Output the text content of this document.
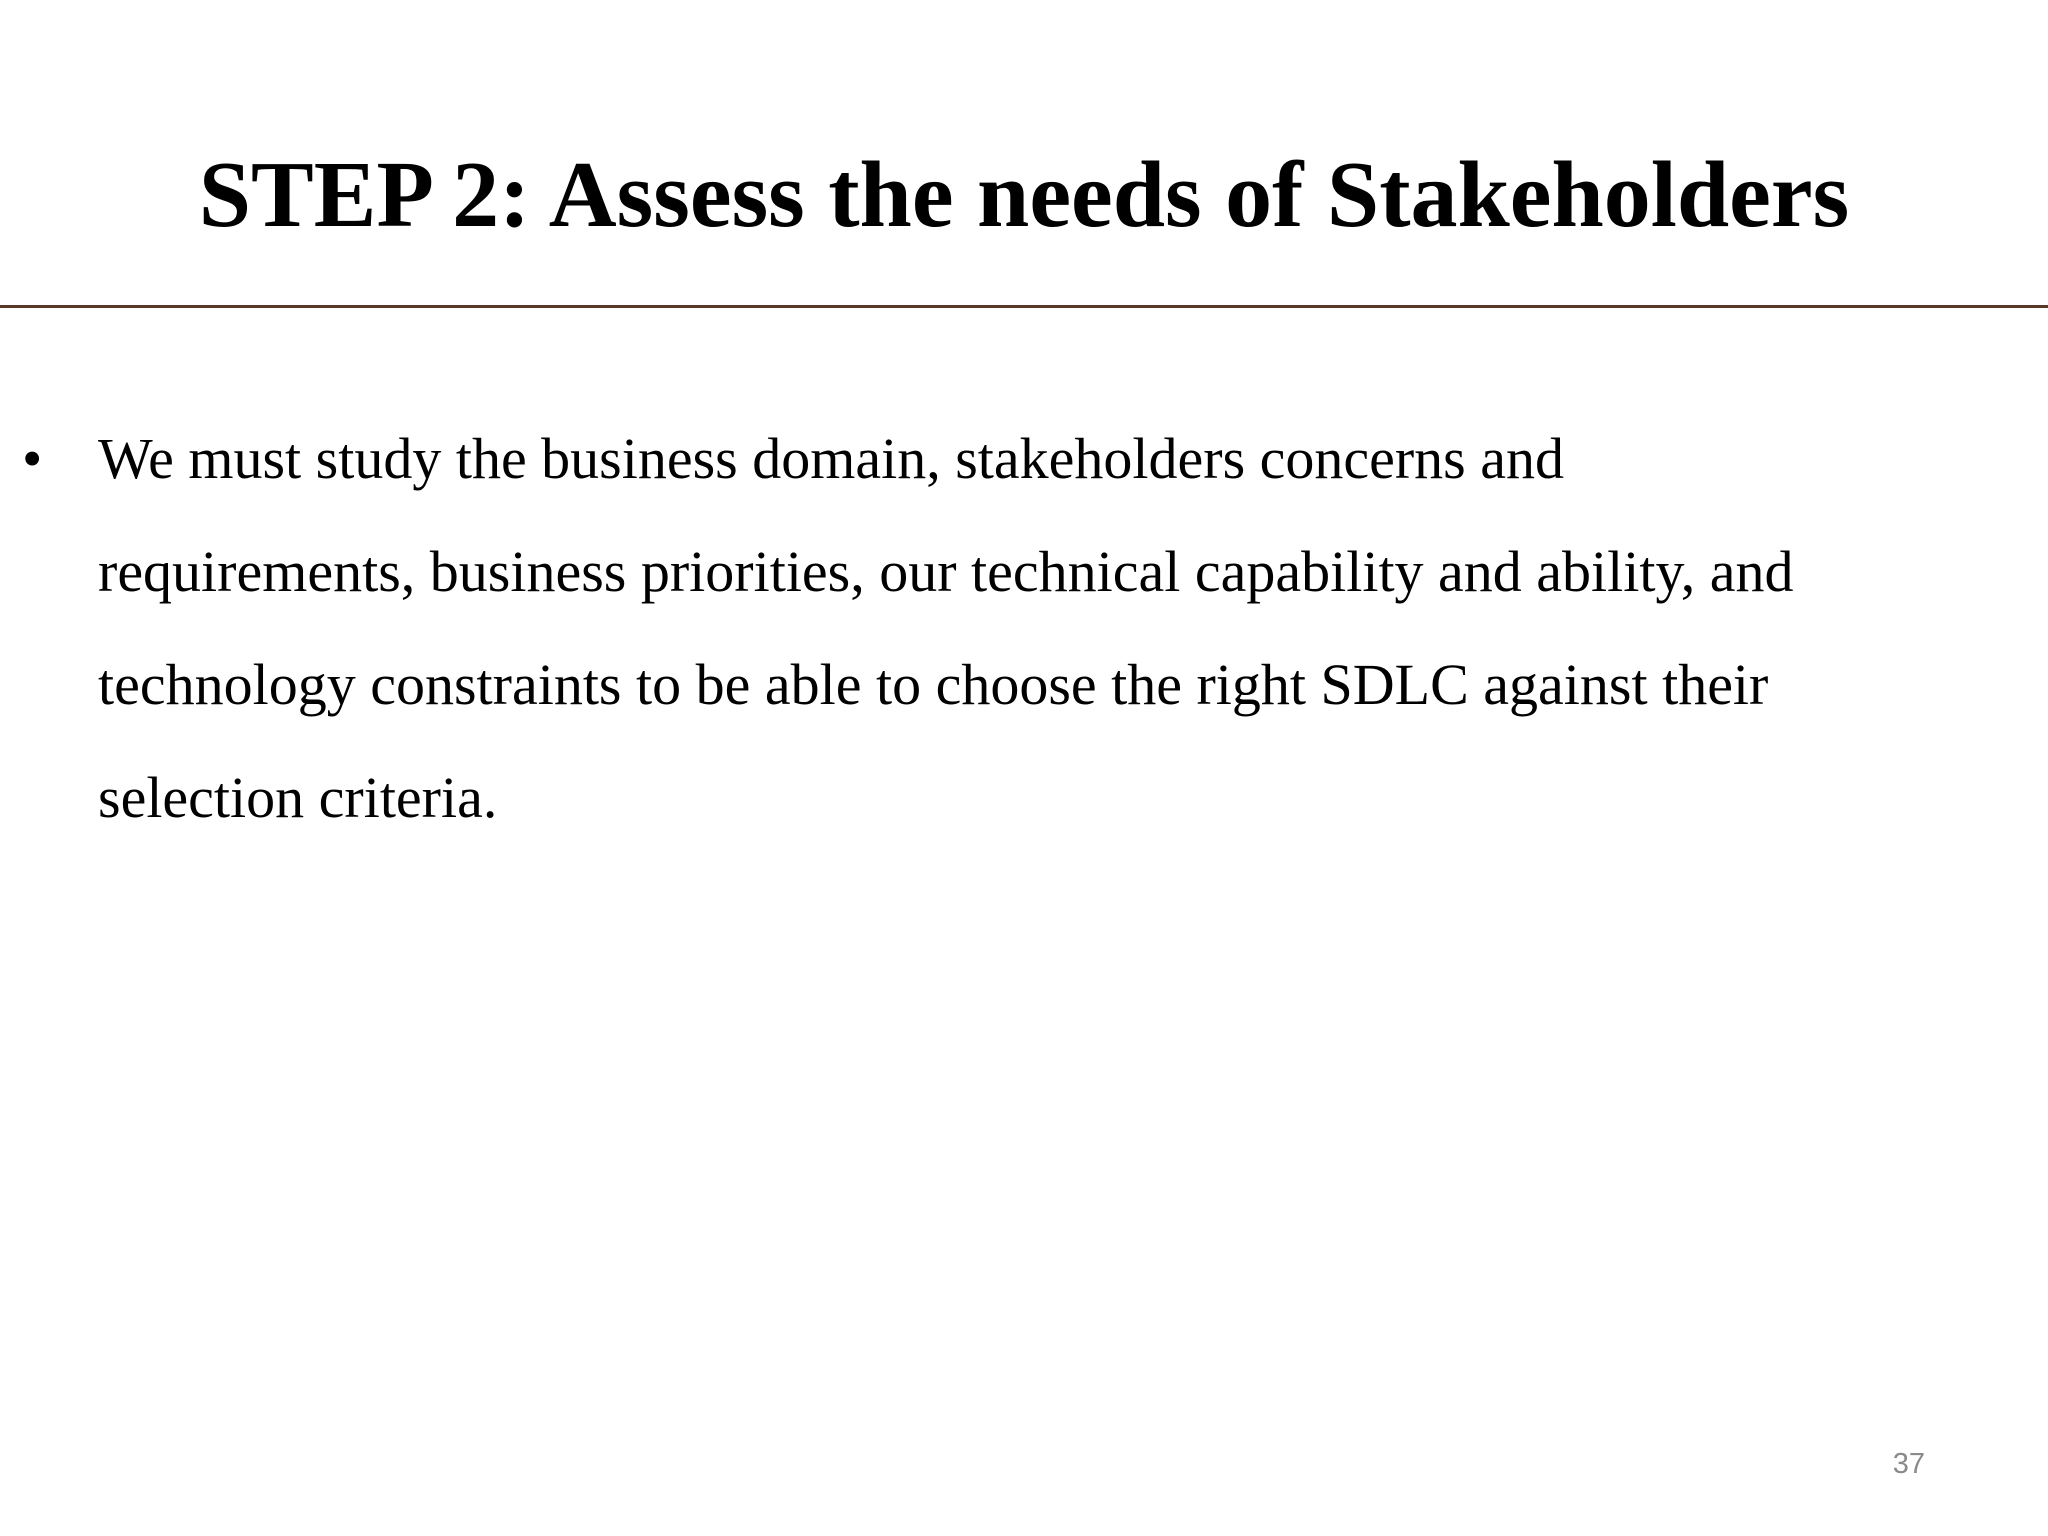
STEP 2: Assess the needs of Stakeholders
• We must study the business domain, stakeholders concerns and
requirements, business priorities, our technical capability and ability, and
technology constraints to be able to choose the right SDLC against their
selection criteria.
37
